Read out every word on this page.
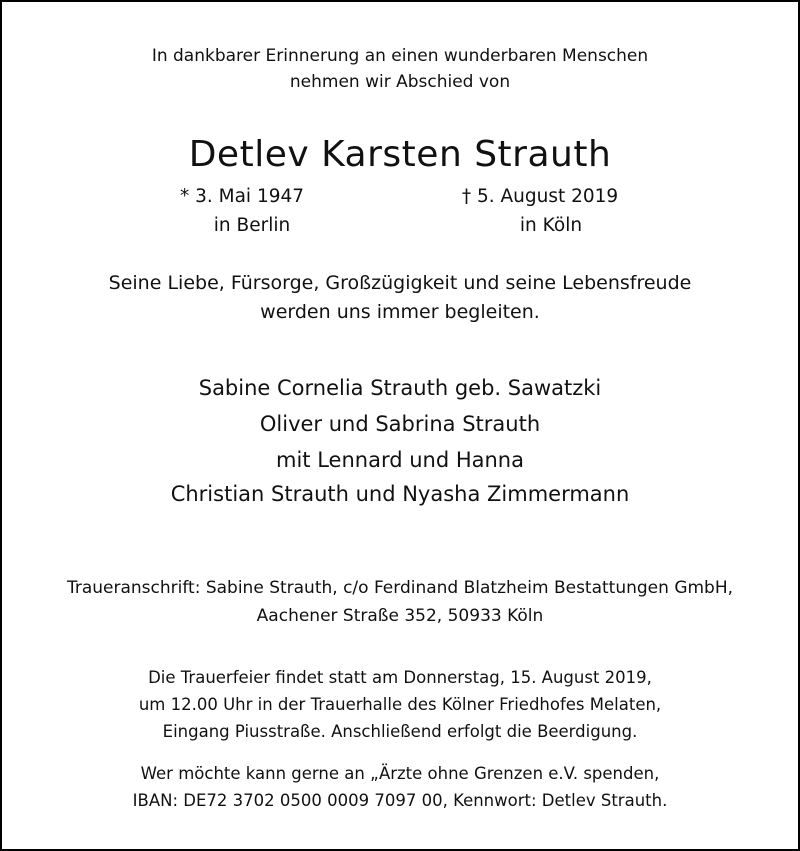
In dankbarer Erinnerung an einen wunderbaren Menschen
nehmen wir Abschied von
Detlev Karsten Strauth
* 3. Mai 1947
in Berlin
† 5. August 2019
in Köln
Seine Liebe, Fürsorge, Großzügigkeit und seine Lebensfreude
werden uns immer begleiten.
Sabine Cornelia Strauth geb. Sawatzki
Oliver und Sabrina Strauth
mit Lennard und Hanna
Christian Strauth und Nyasha Zimmermann
Traueranschrift: Sabine Strauth, c/o Ferdinand Blatzheim Bestattungen GmbH,
Aachener Straße 352, 50933 Köln
Die Trauerfeier findet statt am Donnerstag, 15. August 2019,
um 12.00 Uhr in der Trauerhalle des Kölner Friedhofes Melaten,
Eingang Piusstraße. Anschließend erfolgt die Beerdigung.
Wer möchte kann gerne an „Ärzte ohne Grenzen e.V. spenden,
IBAN: DE72 3702 0500 0009 7097 00, Kennwort: Detlev Strauth.
